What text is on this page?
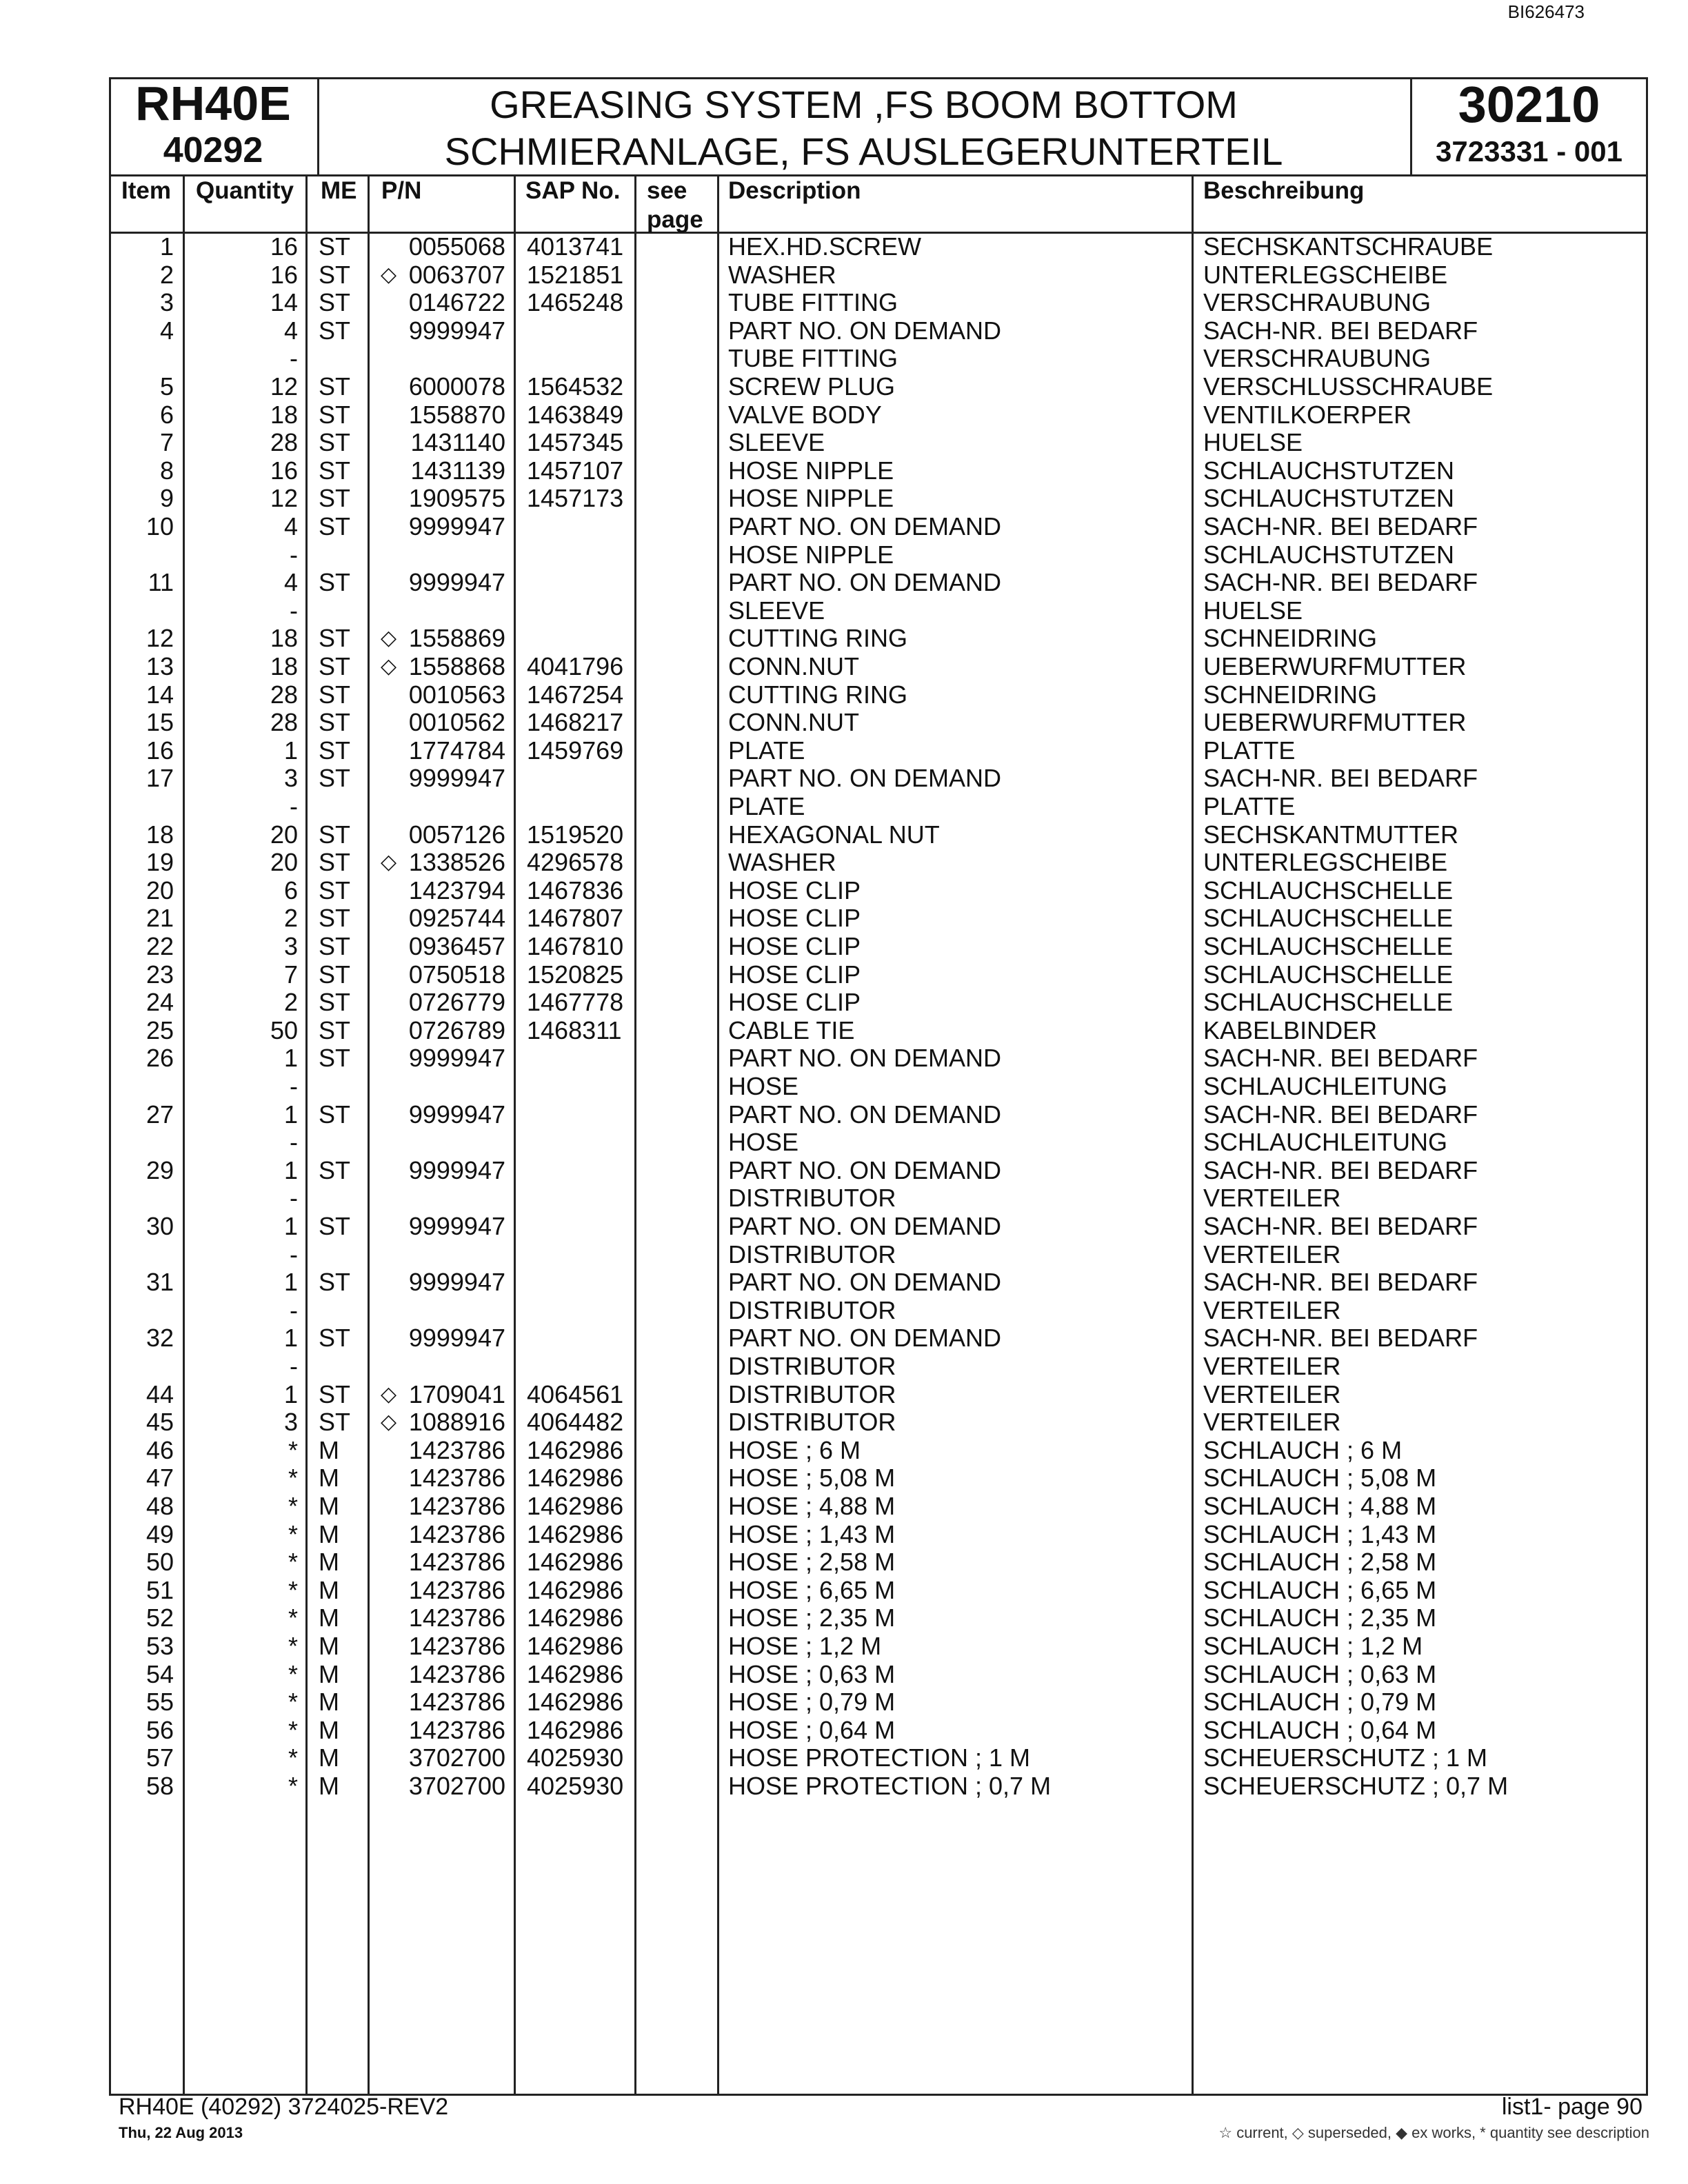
BI626473
RH40E
40292
GREASING SYSTEM ,FS BOOM BOTTOM
SCHMIERANLAGE, FS AUSLEGERUNTERTEIL
30210
3723331 - 001
Item Quantity ME P/N	SAP No. see page
Description	Beschreibung
1	16 ST	0055068 4013741	HEX.HD.SCREW	SECHSKANTSCHRAUBE
2	16 ST	◇ 0063707 1521851	WASHER	UNTERLEGSCHEIBE
3	14 ST	0146722 1465248	TUBE FITTING	VERSCHRAUBUNG
4	4 ST	9999947	PART NO. ON DEMAND	SACH-NR. BEI BEDARF
-	TUBE FITTING	VERSCHRAUBUNG
5	12 ST	6000078 1564532	SCREW PLUG	VERSCHLUSSCHRAUBE
6	18 ST	1558870 1463849	VALVE BODY	VENTILKOERPER
7	28 ST	1431140 1457345	SLEEVE	HUELSE
8	16 ST	1431139 1457107	HOSE NIPPLE	SCHLAUCHSTUTZEN
9	12 ST	1909575 1457173	HOSE NIPPLE	SCHLAUCHSTUTZEN
10	4 ST	9999947	PART NO. ON DEMAND	SACH-NR. BEI BEDARF
-	HOSE NIPPLE	SCHLAUCHSTUTZEN
11	4 ST	9999947	PART NO. ON DEMAND	SACH-NR. BEI BEDARF
-	SLEEVE	HUELSE
12	18 ST	◇ 1558869	CUTTING RING	SCHNEIDRING
13	18 ST	◇ 1558868 4041796	CONN.NUT	UEBERWURFMUTTER
14	28 ST	0010563 1467254	CUTTING RING	SCHNEIDRING
15	28 ST	0010562 1468217	CONN.NUT	UEBERWURFMUTTER
16	1 ST	1774784 1459769	PLATE	PLATTE
17	3 ST	9999947	PART NO. ON DEMAND	SACH-NR. BEI BEDARF
-	PLATE	PLATTE
18	20 ST	0057126 1519520	HEXAGONAL NUT	SECHSKANTMUTTER
19	20 ST	◇ 1338526 4296578	WASHER	UNTERLEGSCHEIBE
20	6 ST	1423794 1467836	HOSE CLIP	SCHLAUCHSCHELLE
21	2 ST	0925744 1467807	HOSE CLIP	SCHLAUCHSCHELLE
22	3 ST	0936457 1467810	HOSE CLIP	SCHLAUCHSCHELLE
23	7 ST	0750518 1520825	HOSE CLIP	SCHLAUCHSCHELLE
24	2 ST	0726779 1467778	HOSE CLIP	SCHLAUCHSCHELLE
25	50 ST	0726789 1468311	CABLE TIE	KABELBINDER
26	1 ST	9999947	PART NO. ON DEMAND	SACH-NR. BEI BEDARF
-	HOSE	SCHLAUCHLEITUNG
27	1 ST	9999947	PART NO. ON DEMAND	SACH-NR. BEI BEDARF
-	HOSE	SCHLAUCHLEITUNG
29	1 ST	9999947	PART NO. ON DEMAND	SACH-NR. BEI BEDARF
-	DISTRIBUTOR	VERTEILER
30	1 ST	9999947	PART NO. ON DEMAND	SACH-NR. BEI BEDARF
-	DISTRIBUTOR	VERTEILER
31	1 ST	9999947	PART NO. ON DEMAND	SACH-NR. BEI BEDARF
-	DISTRIBUTOR	VERTEILER
32	1 ST	9999947	PART NO. ON DEMAND	SACH-NR. BEI BEDARF
-	DISTRIBUTOR	VERTEILER
44	1 ST	◇ 1709041 4064561	DISTRIBUTOR	VERTEILER
45	3 ST	◇ 1088916 4064482	DISTRIBUTOR	VERTEILER
46	* M	1423786 1462986	HOSE ; 6 M	SCHLAUCH ; 6 M
47	* M	1423786 1462986	HOSE ; 5,08 M	SCHLAUCH ; 5,08 M
48	* M	1423786 1462986	HOSE ; 4,88 M	SCHLAUCH ; 4,88 M
49	* M	1423786 1462986	HOSE ; 1,43 M	SCHLAUCH ; 1,43 M
50	* M	1423786 1462986	HOSE ; 2,58 M	SCHLAUCH ; 2,58 M
51	* M	1423786 1462986	HOSE ; 6,65 M	SCHLAUCH ; 6,65 M
52	* M	1423786 1462986	HOSE ; 2,35 M	SCHLAUCH ; 2,35 M
53	* M	1423786 1462986	HOSE ; 1,2 M	SCHLAUCH ; 1,2 M
54	* M	1423786 1462986	HOSE ; 0,63 M	SCHLAUCH ; 0,63 M
55	* M	1423786 1462986	HOSE ; 0,79 M	SCHLAUCH ; 0,79 M
56	* M	1423786 1462986	HOSE ; 0,64 M	SCHLAUCH ; 0,64 M
57	* M	3702700 4025930	HOSE PROTECTION ; 1 M	SCHEUERSCHUTZ ; 1 M
58	* M	3702700 4025930	HOSE PROTECTION ; 0,7 M	SCHEUERSCHUTZ ; 0,7 M
RH40E (40292) 3724025-REV2
Thu, 22 Aug 2013
list1- page 90
☆ current, ◇ superseded, ◆ ex works, * quantity see description
